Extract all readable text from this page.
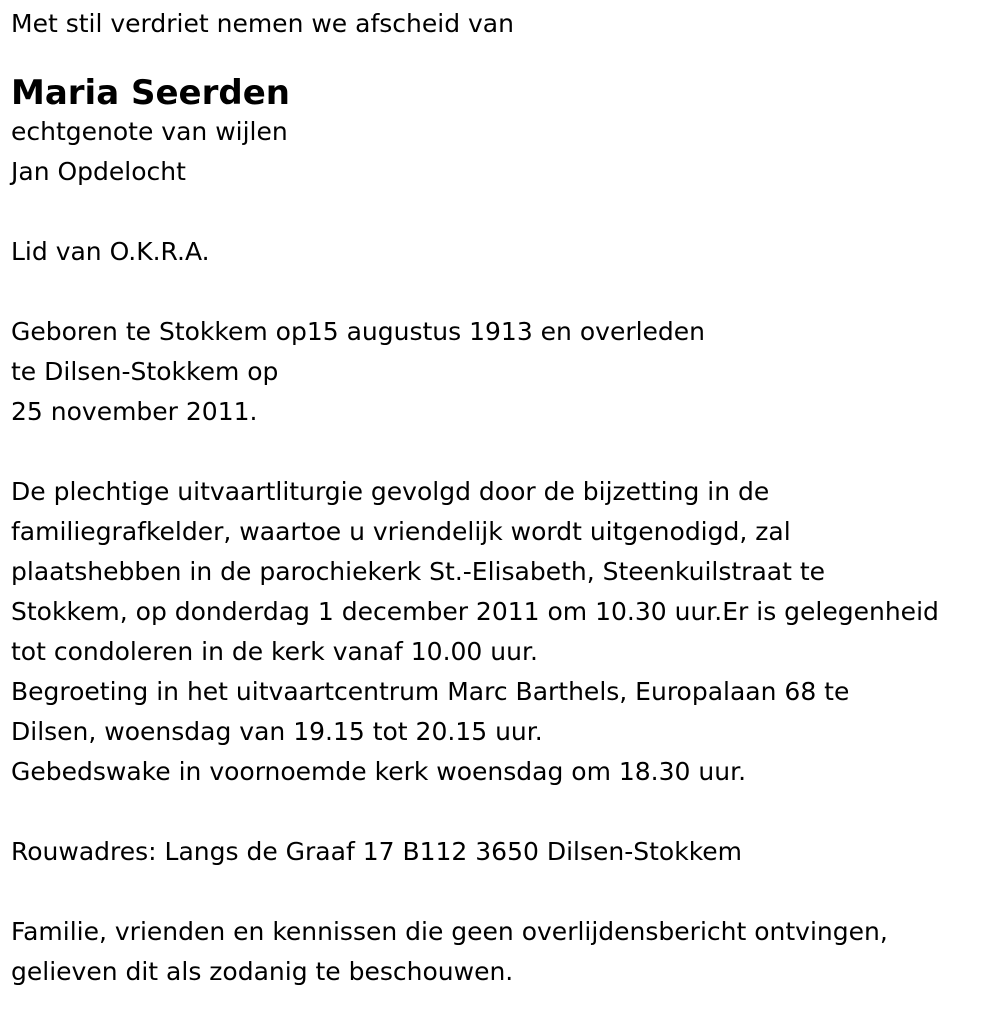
Met stil verdriet nemen we afscheid van
Maria Seerden
echtgenote van wijlen
Jan Opdelocht
Lid van O.K.R.A.
Geboren te Stokkem op15 augustus 1913 en overleden
te Dilsen-Stokkem op
25 november 2011.
De plechtige uitvaartliturgie gevolgd door de bijzetting in de
familiegrafkelder, waartoe u vriendelijk wordt uitgenodigd, zal
plaatshebben in de parochiekerk St.-Elisabeth, Steenkuilstraat te
Stokkem, op donderdag 1 december 2011 om 10.30 uur.Er is gelegenheid
tot condoleren in de kerk vanaf 10.00 uur.
Begroeting in het uitvaartcentrum Marc Barthels, Europalaan 68 te
Dilsen, woensdag van 19.15 tot 20.15 uur.
Gebedswake in voornoemde kerk woensdag om 18.30 uur.
Rouwadres: Langs de Graaf 17 B112 3650 Dilsen-Stokkem
Familie, vrienden en kennissen die geen overlijdensbericht ontvingen,
gelieven dit als zodanig te beschouwen.
